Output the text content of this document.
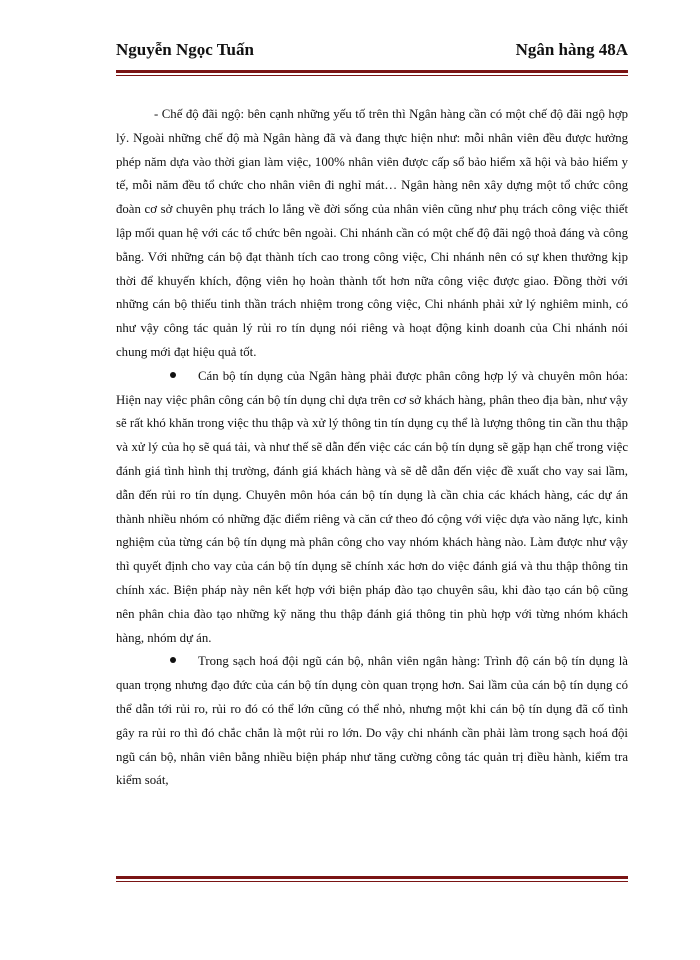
Nguyễn Ngọc Tuấn	Ngân hàng 48A

- Chế độ đãi ngộ: bên cạnh những yếu tố trên thì Ngân hàng cần có một chế độ đãi ngộ hợp lý. Ngoài những chế độ mà Ngân hàng đã và đang thực hiện như: mỗi nhân viên đều được hưởng phép năm dựa vào thời gian làm việc, 100% nhân viên được cấp sổ bảo hiểm xã hội và bảo hiểm y tế, mỗi năm đều tổ chức cho nhân viên đi nghỉ mát… Ngân hàng nên xây dựng một tổ chức công đoàn cơ sở chuyên phụ trách lo lắng về đời sống của nhân viên cũng như phụ trách công việc thiết lập mối quan hệ với các tổ chức bên ngoài. Chi nhánh cần có một chế độ đãi ngộ thoả đáng và công bằng. Với những cán bộ đạt thành tích cao trong công việc, Chi nhánh nên có sự khen thưởng kịp thời để khuyến khích, động viên họ hoàn thành tốt hơn nữa công việc được giao. Đồng thời với những cán bộ thiếu tinh thần trách nhiệm trong công việc, Chi nhánh phải xử lý nghiêm minh, có như vậy công tác quản lý rủi ro tín dụng nói riêng và hoạt động kinh doanh của Chi nhánh nói chung mới đạt hiệu quả tốt.

Cán bộ tín dụng của Ngân hàng phải được phân công hợp lý và chuyên môn hóa: Hiện nay việc phân công cán bộ tín dụng chỉ dựa trên cơ sở khách hàng, phân theo địa bàn, như vậy sẽ rất khó khăn trong việc thu thập và xử lý thông tin tín dụng cụ thể là lượng thông tin cần thu thập và xử lý của họ sẽ quá tải, và như thế sẽ dẫn đến việc các cán bộ tín dụng sẽ gặp hạn chế trong việc đánh giá tình hình thị trường, đánh giá khách hàng và sẽ dễ dẫn đến việc đề xuất cho vay sai lầm, dẫn đến rủi ro tín dụng. Chuyên môn hóa cán bộ tín dụng là cần chia các khách hàng, các dự án thành nhiều nhóm có những đặc điểm riêng và căn cứ theo đó cộng với việc dựa vào năng lực, kinh nghiệm của từng cán bộ tín dụng mà phân công cho vay nhóm khách hàng nào. Làm được như vậy thì quyết định cho vay của cán bộ tín dụng sẽ chính xác hơn do việc đánh giá và thu thập thông tin chính xác. Biện pháp này nên kết hợp với biện pháp đào tạo chuyên sâu, khi đào tạo cán bộ cũng nên phân chia đào tạo những kỹ năng thu thập đánh giá thông tin phù hợp với từng nhóm khách hàng, nhóm dự án.

Trong sạch hoá đội ngũ cán bộ, nhân viên ngân hàng: Trình độ cán bộ tín dụng là quan trọng nhưng đạo đức của cán bộ tín dụng còn quan trọng hơn. Sai lầm của cán bộ tín dụng có thể dẫn tới rủi ro, rủi ro đó có thể lớn cũng có thể nhỏ, nhưng một khi cán bộ tín dụng đã cố tình gây ra rủi ro thì đó chắc chắn là một rủi ro lớn. Do vậy chi nhánh cần phải làm trong sạch hoá đội ngũ cán bộ, nhân viên bằng nhiều biện pháp như tăng cường công tác quản trị điều hành, kiểm tra kiểm soát,
